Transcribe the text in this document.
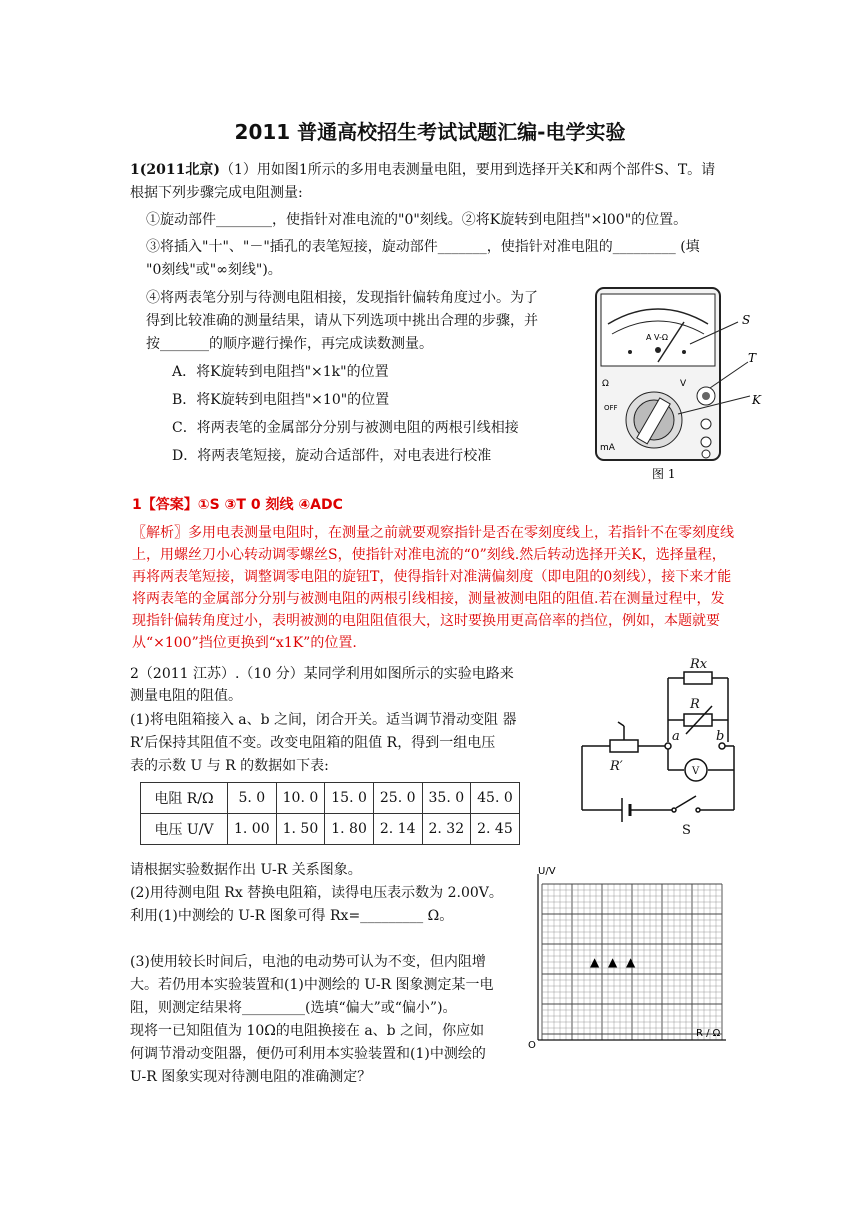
2011 普通高校招生考试试题汇编-电学实验
1(2011北京)（1）用如图1所示的多用电表测量电阻，要用到选择开关K和两个部件S、T。请
根据下列步骤完成电阻测量:
①旋动部件________，使指针对准电流的"0"刻线。②将K旋转到电阻挡"×l00"的位置。
③将插入"十"、"－"插孔的表笔短接，旋动部件_______，使指针对准电阻的_________ (填
"0刻线"或"∞刻线")。
④将两表笔分别与待测电阻相接，发现指针偏转角度过小。为了
得到比较准确的测量结果，请从下列选项中挑出合理的步骤，并
按_______的顺序避行操作，再完成读数测量。
A．将K旋转到电阻挡"×1k"的位置
B．将K旋转到电阻挡"×10"的位置
C．将两表笔的金属部分分别与被测电阻的两根引线相接
D．将两表笔短接，旋动合适部件，对电表进行校准
A V-Ω
Ω	V
OFF
mA
S
T
K
图 1
1【答案】①S ③T 0 刻线 ④ADC
〖解析〗多用电表测量电阻时，在测量之前就要观察指针是否在零刻度线上，若指针不在零刻度线上，用螺丝刀小心转动调零螺丝S，使指针对准电流的“0”刻线.然后转动选择开关K，选择量程，再将两表笔短接，调整调零电阻的旋钮T，使得指针对准满偏刻度（即电阻的0刻线），接下来才能将两表笔的金属部分分别与被测电阻的两根引线相接，测量被测电阻的阻值.若在测量过程中，发现指针偏转角度过小，表明被测的电阻阻值很大，这时要换用更高倍率的挡位，例如，本题就要从“×100”挡位更换到“x1K”的位置.
2（2011 江苏）.（10 分）某同学利用如图所示的实验电路来
测量电阻的阻值。
(1)将电阻箱接入 a、b 之间，闭合开关。适当调节滑动变阻 器
R’后保持其阻值不变。改变电阻箱的阻值 R，得到一组电压
表的示数 U 与 R 的数据如下表:
电阻 R/Ω	5. 0	10. 0	15. 0	25. 0	35. 0	45. 0
电压 U/V	1. 00	1. 50	1. 80	2. 14	2. 32	2. 45
请根据实验数据作出 U-R 关系图象。
(2)用待测电阻 Rx 替换电阻箱，读得电压表示数为 2.00V。
利用(1)中测绘的 U-R 图象可得 Rx=_________ Ω。
(3)使用较长时间后，电池的电动势可认为不变，但内阻增
大。若仍用本实验装置和(1)中测绘的 U-R 图象测定某一电
阻，则测定结果将_________(选填“偏大”或“偏小”)。
现将一已知阻值为 10Ω的电阻换接在 a、b 之间，你应如
何调节滑动变阻器，便仍可利用本实验装置和(1)中测绘的
U-R 图象实现对待测电阻的准确测定？
Rx
R
R′
a	b
V
S
U/V
R / Ω
O
▲ ▲ ▲
